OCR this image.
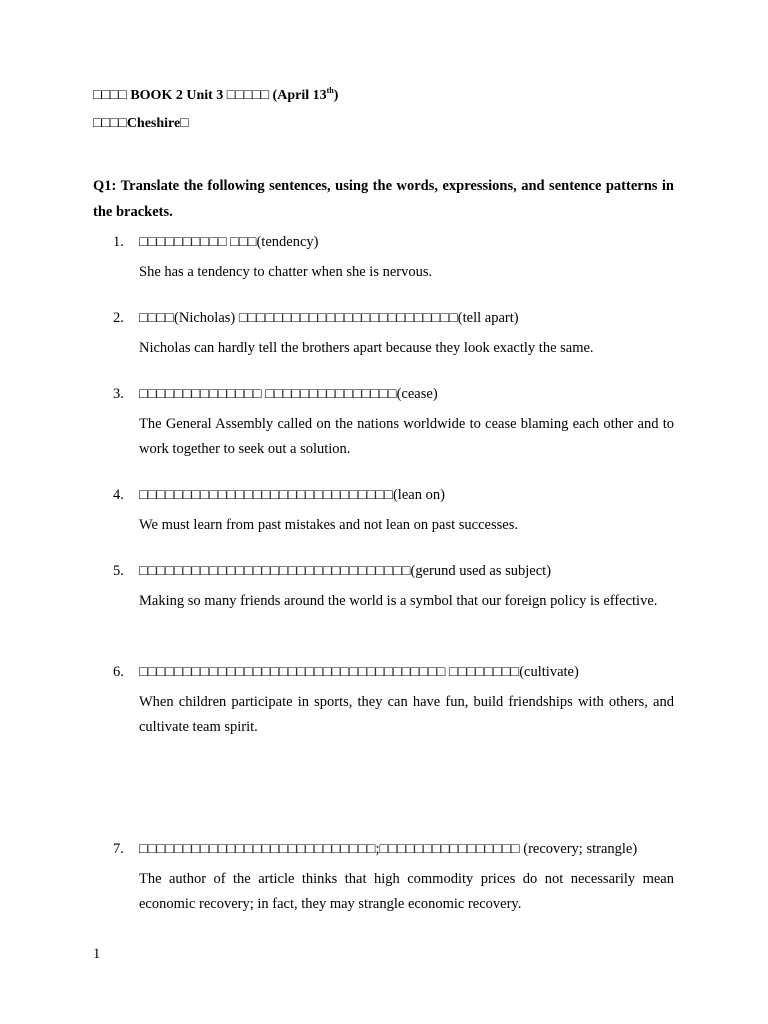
□□□□ BOOK 2 Unit 3 □□□□□ (April 13th)
□□□□Cheshire□
Q1: Translate the following sentences, using the words, expressions, and sentence patterns in the brackets.
1.	□□□□□□□□□□ □□□(tendency)
She has a tendency to chatter when she is nervous.
2.	□□□□(Nicholas) □□□□□□□□□□□□□□□□□□□□□□□□□(tell apart)
Nicholas can hardly tell the brothers apart because they look exactly the same.
3.	□□□□□□□□□□□□□□ □□□□□□□□□□□□□□□(cease)
The General Assembly called on the nations worldwide to cease blaming each other and to work together to seek out a solution.
4.	□□□□□□□□□□□□□□□□□□□□□□□□□□□□□(lean on)
We must learn from past mistakes and not lean on past successes.
5.	□□□□□□□□□□□□□□□□□□□□□□□□□□□□□□□(gerund used as subject)
Making so many friends around the world is a symbol that our foreign policy is effective.
6.	□□□□□□□□□□□□□□□□□□□□□□□□□□□□□□□□□□□ □□□□□□□□(cultivate)
When children participate in sports, they can have fun, build friendships with others, and cultivate team spirit.
7.	□□□□□□□□□□□□□□□□□□□□□□□□□□□;□□□□□□□□□□□□□□□□ (recovery; strangle)
The author of the article thinks that high commodity prices do not necessarily mean economic recovery; in fact, they may strangle economic recovery.
1
